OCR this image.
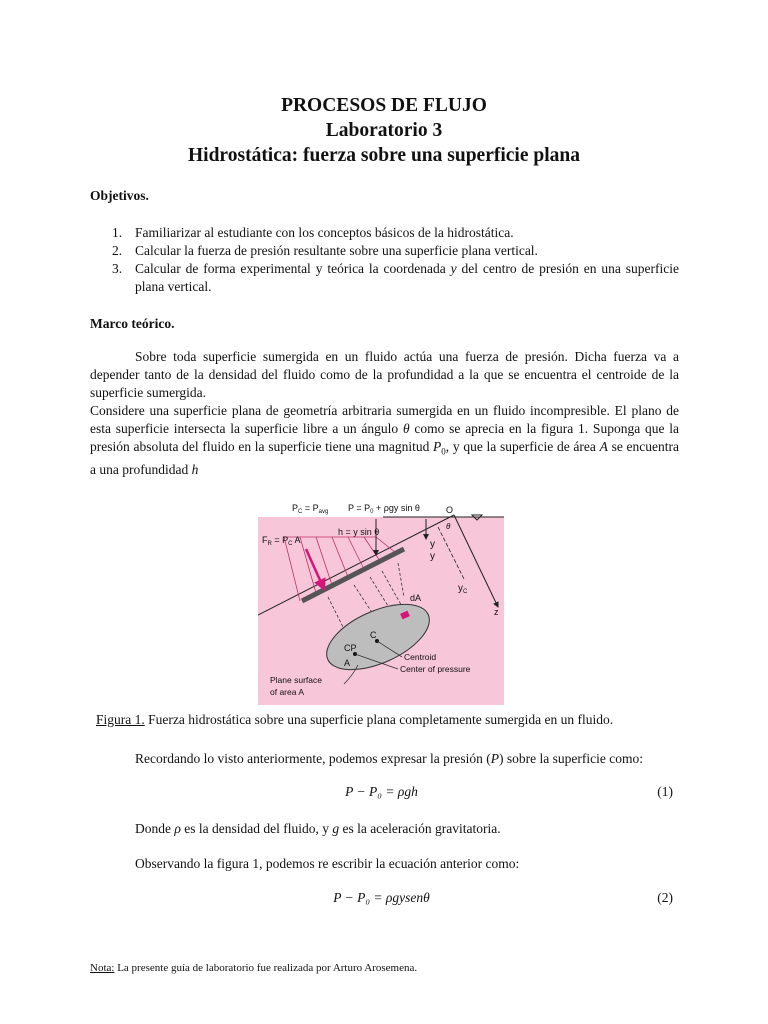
PROCESOS DE FLUJO
Laboratorio 3
Hidrostática: fuerza sobre una superficie plana
Objetivos.
1. Familiarizar al estudiante con los conceptos básicos de la hidrostática.
2. Calcular la fuerza de presión resultante sobre una superficie plana vertical.
3. Calcular de forma experimental y teórica la coordenada y del centro de presión en una superficie plana vertical.
Marco teórico.
Sobre toda superficie sumergida en un fluido actúa una fuerza de presión. Dicha fuerza va a depender tanto de la densidad del fluido como de la profundidad a la que se encuentra el centroide de la superficie sumergida.
Considere una superficie plana de geometría arbitraria sumergida en un fluido incompresible. El plano de esta superficie intersecta la superficie libre a un ángulo θ como se aprecia en la figura 1. Suponga que la presión absoluta del fluido en la superficie tiene una magnitud $P_0$, y que la superficie de área A se encuentra a una profundidad h
$P_C = P_{avg}$ $P = P_0 + \rho gy$ sin θ	O
h = y sin θ
θ
$F_R = P_C$ A	y
y
$y_C$
dA
z
C
CP
A
Centroid
Center of pressure
Plane surface
of area A
Figura 1. Fuerza hidrostática sobre una superficie plana completamente sumergida en un fluido.
Recordando lo visto anteriormente, podemos expresar la presión (P) sobre la superficie como:
P − P₀ = ρgh	(1)
Donde ρ es la densidad del fluido, y g es la aceleración gravitatoria.
Observando la figura 1, podemos re escribir la ecuación anterior como:
P − P₀ = ρgysenθ	(2)
Nota: La presente guía de laboratorio fue realizada por Arturo Arosemena.
